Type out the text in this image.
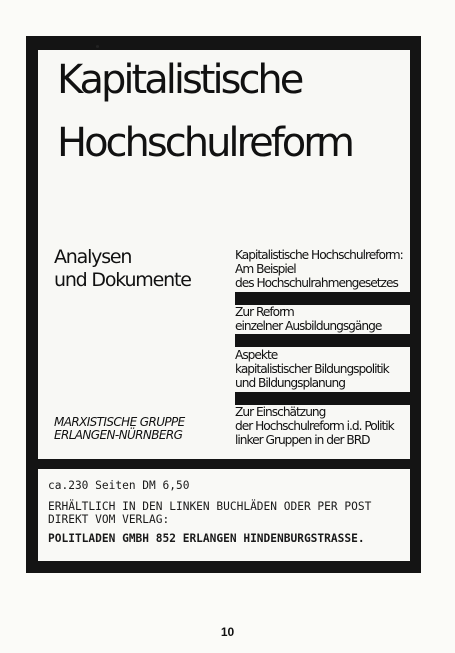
Kapitalistische
Hochschulreform
Analysen
und Dokumente
Kapitalistische Hochschulreform:
Am Beispiel
des Hochschulrahmengesetzes
Zur Reform
einzelner Ausbildungsgänge
Aspekte
kapitalistischer Bildungspolitik
und Bildungsplanung
Zur Einschätzung
der Hochschulreform i.d. Politik
linker Gruppen in der BRD
MARXISTISCHE GRUPPE
ERLANGEN-NÜRNBERG
ca.230 Seiten DM 6,50
ERHÄLTLICH IN DEN LINKEN BUCHLÄDEN ODER PER POST
DIREKT VOM VERLAG:
POLITLADEN GMBH 852 ERLANGEN HINDENBURGSTRASSE.
10
